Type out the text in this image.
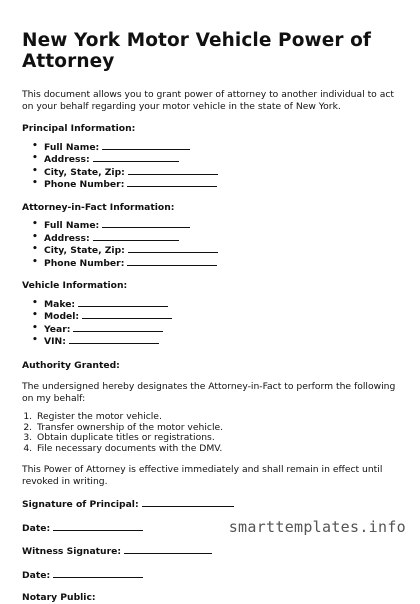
New York Motor Vehicle Power of Attorney

This document allows you to grant power of attorney to another individual to act on your behalf regarding your motor vehicle in the state of New York.

Principal Information:
• Full Name:
• Address:
• City, State, Zip:
• Phone Number:
Attorney-in-Fact Information:
• Full Name:
• Address:
• City, State, Zip:
• Phone Number:
Vehicle Information:
• Make:
• Model:
• Year:
• VIN:
Authority Granted:

The undersigned hereby designates the Attorney-in-Fact to perform the following on my behalf:

1. Register the motor vehicle.
2. Transfer ownership of the motor vehicle.
3. Obtain duplicate titles or registrations.
4. File necessary documents with the DMV.

This Power of Attorney is effective immediately and shall remain in effect until revoked in writing.

Signature of Principal:
Date:
Witness Signature:
Date:
Notary Public:
smarttemplates.info
